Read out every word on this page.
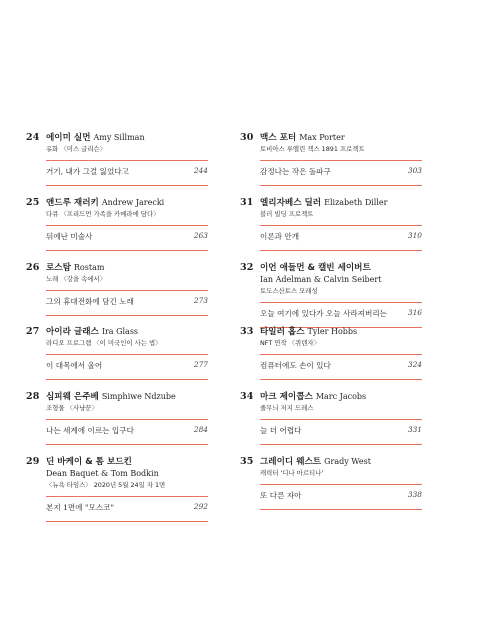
24 에이미 실먼 Amy Sillman
유화 〈미스 글리슨〉
거기, 내가 그걸 잃었다고	244
25 앤드루 재러키 Andrew Jarecki
다큐 〈프리드먼 가족을 카메라에 담다〉
뒤에난 미술사	263
26 로스탐 Rostam
노래 〈강을 속에서〉
그의 휴대전화에 담긴 노래	273
27 아이라 글래스 Ira Glass
라디오 프로그램 〈이 미국인이 사는 법〉
이 대목에서 울어	277
28 심피웨 은주베 Simphiwe Ndzube
조형물 〈사냥꾼〉
나는 세계에 이르는 입구다	284
29 딘 바케이 & 톰 보드킨
Dean Baquet & Tom Bodkin
〈뉴욕 타임스〉 2020년 5월 24일 자 1면
본지 1면에 "모스코"	292
30 맥스 포터 Max Porter
토비아스 루엘린 잭스 1891 프로젝트
감정나는 작은 돌파구	303
31 엘리자베스 딜러 Elizabeth Diller
블러 빌딩 프로젝트
이론과 안개	310
32 이언 애들먼 & 캘빈 세이버트
Ian Adelman & Calvin Seibert
토도스산토스 모래성
오늘 여기에 있다가 오늘 사라져버리는	316
33 타일러 홉스 Tyler Hobbs
NFT 연작 〈퀴덴자〉
컴퓨터에도 손이 있다	324
34 마크 제이콥스 Marc Jacobs
줄무늬 저지 드레스
늘 더 어렵다	331
35 그레이디 웨스트 Grady West
캐릭터 '디나 마르티나'
또 다른 자아	338
